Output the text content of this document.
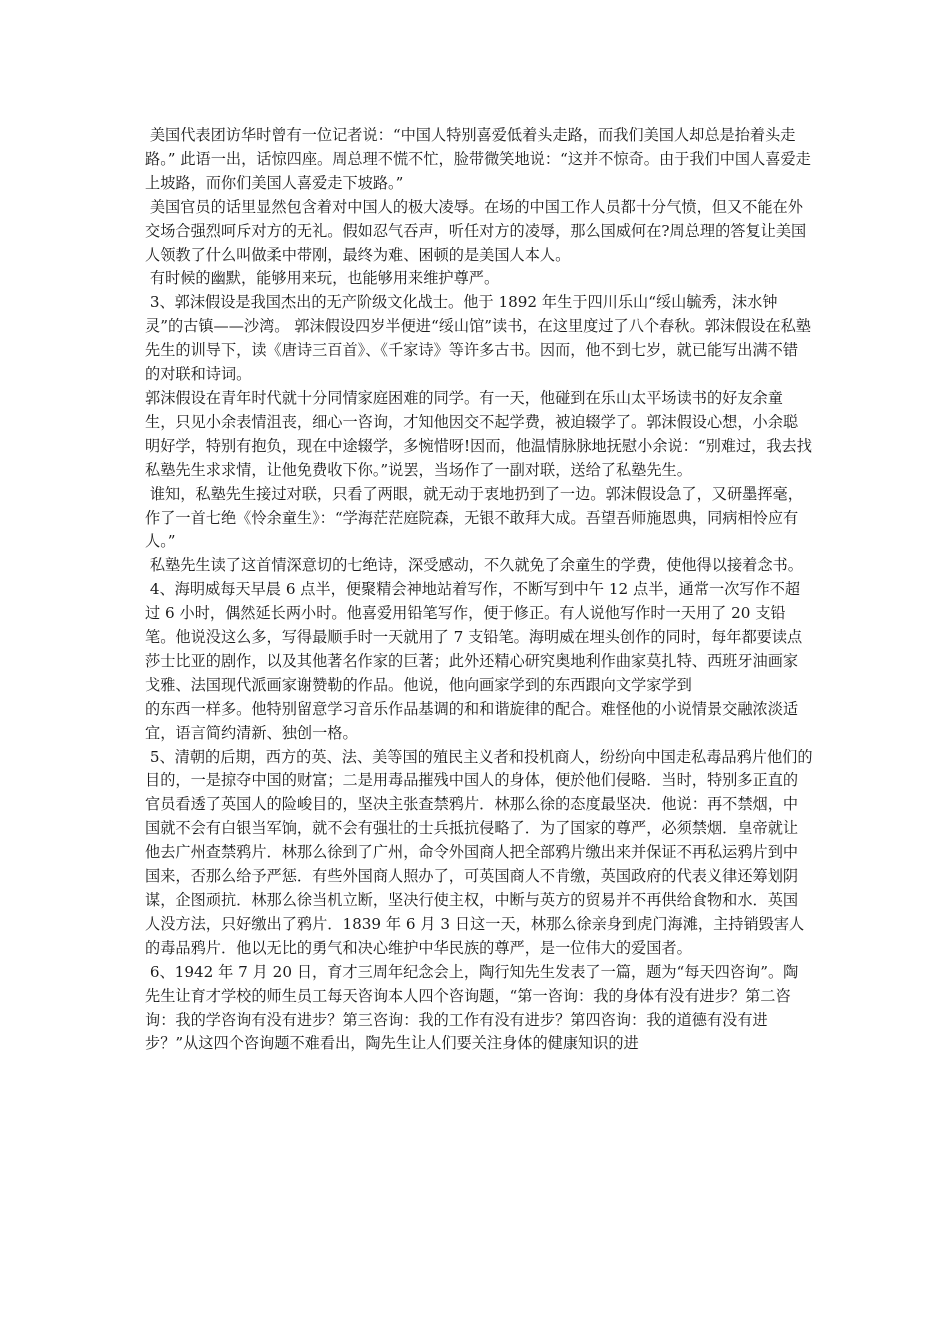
美国代表团访华时曾有一位记者说：“中国人特别喜爱低着头走路，而我们美国人却总是抬着头走路。” 此语一出，话惊四座。周总理不慌不忙，脸带微笑地说：“这并不惊奇。由于我们中国人喜爱走上坡路，而你们美国人喜爱走下坡路。”

美国官员的话里显然包含着对中国人的极大凌辱。在场的中国工作人员都十分气愤，但又不能在外交场合强烈呵斥对方的无礼。假如忍气吞声，听任对方的凌辱，那么国威何在?周总理的答复让美国人领教了什么叫做柔中带刚，最终为难、困顿的是美国人本人。

有时候的幽默，能够用来玩，也能够用来维护尊严。

3、郭沫假设是我国杰出的无产阶级文化战士。他于 1892 年生于四川乐山“绥山毓秀，沫水钟灵”的古镇——沙湾。 郭沫假设四岁半便进“绥山馆”读书，在这里度过了八个春秋。郭沫假设在私塾先生的训导下，读《唐诗三百首》、《千家诗》等许多古书。因而，他不到七岁，就已能写出满不错的对联和诗词。

郭沫假设在青年时代就十分同情家庭困难的同学。有一天，他碰到在乐山太平场读书的好友余童生，只见小余表情沮丧，细心一咨询，才知他因交不起学费，被迫辍学了。郭沫假设心想，小余聪明好学，特别有抱负，现在中途辍学，多惋惜呀!因而，他温情脉脉地抚慰小余说：“别难过，我去找私塾先生求求情，让他免费收下你。”说罢，当场作了一副对联，送给了私塾先生。

谁知，私塾先生接过对联，只看了两眼，就无动于衷地扔到了一边。郭沫假设急了，又研墨挥毫，作了一首七绝《怜余童生》：“学海茫茫庭院森，无银不敢拜大成。吾望吾师施恩典，同病相怜应有人。”

私塾先生读了这首情深意切的七绝诗，深受感动，不久就免了余童生的学费，使他得以接着念书。

4、海明威每天早晨 6 点半，便聚精会神地站着写作，不断写到中午 12 点半，通常一次写作不超过 6 小时，偶然延长两小时。他喜爱用铅笔写作，便于修正。有人说他写作时一天用了 20 支铅笔。他说没这么多，写得最顺手时一天就用了 7 支铅笔。海明威在埋头创作的同时，每年都要读点莎士比亚的剧作，以及其他著名作家的巨著；此外还精心研究奥地利作曲家莫扎特、西班牙油画家戈雅、法国现代派画家谢赞勒的作品。他说，他向画家学到的东西跟向文学家学到

的东西一样多。他特别留意学习音乐作品基调的和和谐旋律的配合。难怪他的小说情景交融浓淡适宜，语言简约清新、独创一格。

5、清朝的后期，西方的英、法、美等国的殖民主义者和投机商人，纷纷向中国走私毒品鸦片他们的目的，一是掠夺中国的财富；二是用毒品摧残中国人的身体，便於他们侵略．当时，特别多正直的官员看透了英国人的险峻目的，坚决主张查禁鸦片．林那么徐的态度最坚决．他说：再不禁烟，中国就不会有白银当军饷，就不会有强壮的士兵抵抗侵略了．为了国家的尊严，必须禁烟．皇帝就让他去广州查禁鸦片．林那么徐到了广州，命令外国商人把全部鸦片缴出来并保证不再私运鸦片到中国来，否那么给予严惩．有些外国商人照办了，可英国商人不肯缴，英国政府的代表义律还筹划阴谋，企图顽抗．林那么徐当机立断，坚决行使主权，中断与英方的贸易并不再供给食物和水．英国人没方法，只好缴出了鸦片．1839 年 6 月 3 日这一天，林那么徐亲身到虎门海滩，主持销毁害人

的毒品鸦片．他以无比的勇气和决心维护中华民族的尊严，是一位伟大的爱国者。

6、1942 年 7 月 20 日，育才三周年纪念会上，陶行知先生发表了一篇，题为“每天四咨询”。陶先生让育才学校的师生员工每天咨询本人四个咨询题，“第一咨询：我的身体有没有进步？第二咨询：我的学咨询有没有进步？第三咨询：我的工作有没有进步？第四咨询：我的道德有没有进步？”从这四个咨询题不难看出，陶先生让人们要关注身体的健康知识的进
